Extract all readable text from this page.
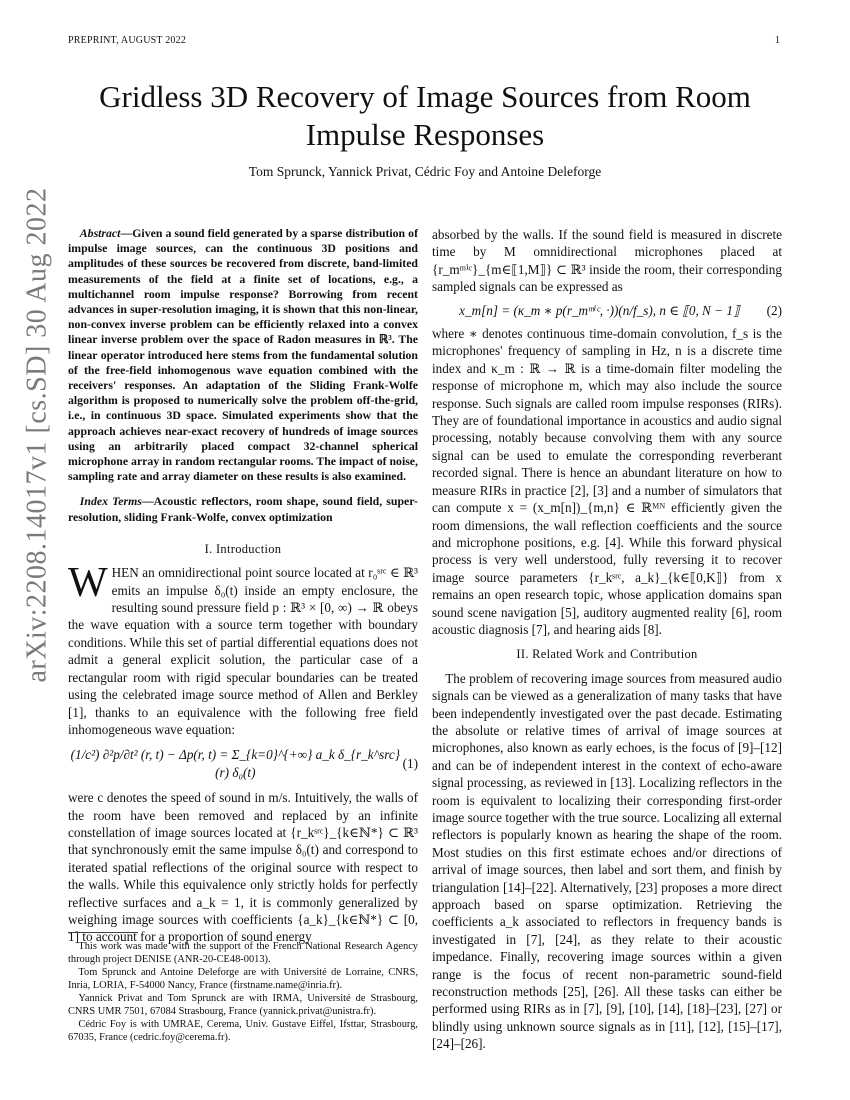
PREPRINT, AUGUST 2022	1
arXiv:2208.14017v1 [cs.SD] 30 Aug 2022
Gridless 3D Recovery of Image Sources from Room Impulse Responses
Tom Sprunck, Yannick Privat, Cédric Foy and Antoine Deleforge

Abstract—Given a sound field generated by a sparse distribution of impulse image sources, can the continuous 3D positions and amplitudes of these sources be recovered from discrete, band-limited measurements of the field at a finite set of locations, e.g., a multichannel room impulse response? Borrowing from recent advances in super-resolution imaging, it is shown that this non-linear, non-convex inverse problem can be efficiently relaxed into a convex linear inverse problem over the space of Radon measures in ℝ³. The linear operator introduced here stems from the fundamental solution of the free-field inhomogenous wave equation combined with the receivers' responses. An adaptation of the Sliding Frank-Wolfe algorithm is proposed to numerically solve the problem off-the-grid, i.e., in continuous 3D space. Simulated experiments show that the approach achieves near-exact recovery of hundreds of image sources using an arbitrarily placed compact 32-channel spherical microphone array in random rectangular rooms. The impact of noise, sampling rate and array diameter on these results is also examined.

Index Terms—Acoustic reflectors, room shape, sound field, super-resolution, sliding Frank-Wolfe, convex optimization

I. Introduction

WHEN an omnidirectional point source located at r₀ˢʳᶜ ∈ ℝ³ emits an impulse δ₀(t) inside an empty enclosure, the resulting sound pressure field p : ℝ³ × [0, ∞) → ℝ obeys the wave equation with a source term together with boundary conditions. While this set of partial differential equations does not admit a general explicit solution, the particular case of a rectangular room with rigid specular boundaries can be treated using the celebrated image source method of Allen and Berkley [1], thanks to an equivalence with the following free field inhomogeneous wave equation:

(1/c²) ∂²p/∂t² (r, t) − Δp(r, t) = Σ_{k=0}^{+∞} a_k δ_{r_k^src}(r) δ₀(t)
(1)

were c denotes the speed of sound in m/s. Intuitively, the walls of the room have been removed and replaced by an infinite constellation of image sources located at {r_kˢʳᶜ}_{k∈ℕ*} ⊂ ℝ³ that synchronously emit the same impulse δ₀(t) and correspond to iterated spatial reflections of the original source with respect to the walls. While this equivalence only strictly holds for perfectly reflective surfaces and a_k = 1, it is commonly generalized by weighing image sources with coefficients {a_k}_{k∈ℕ*} ⊂ [0, 1] to account for a proportion of sound energy

absorbed by the walls. If the sound field is measured in discrete time by M omnidirectional microphones placed at {r_mᵐⁱᶜ}_{m∈⟦1,M⟧} ⊂ ℝ³ inside the room, their corresponding sampled signals can be expressed as

x_m[n] = (κ_m ∗ p(r_mᵐⁱᶜ, ·))(n/f_s), n ∈ ⟦0, N − 1⟧	(2)

where ∗ denotes continuous time-domain convolution, f_s is the microphones' frequency of sampling in Hz, n is a discrete time index and κ_m : ℝ → ℝ is a time-domain filter modeling the response of microphone m, which may also include the source response. Such signals are called room impulse responses (RIRs). They are of foundational importance in acoustics and audio signal processing, notably because convolving them with any source signal can be used to emulate the corresponding reverberant recorded signal. There is hence an abundant literature on how to measure RIRs in practice [2], [3] and a number of simulators that can compute x = (x_m[n])_{m,n} ∈ ℝᴹᴺ efficiently given the room dimensions, the wall reflection coefficients and the source and microphone positions, e.g. [4]. While this forward physical process is very well understood, fully reversing it to recover image source parameters {r_kˢʳᶜ, a_k}_{k∈⟦0,K⟧} from x remains an open research topic, whose application domains span sound scene navigation [5], auditory augmented reality [6], room acoustic diagnosis [7], and hearing aids [8].

II. Related Work and Contribution

The problem of recovering image sources from measured audio signals can be viewed as a generalization of many tasks that have been independently investigated over the past decade. Estimating the absolute or relative times of arrival of image sources at microphones, also known as early echoes, is the focus of [9]–[12] and can be of independent interest in the context of echo-aware signal processing, as reviewed in [13]. Localizing reflectors in the room is equivalent to localizing their corresponding first-order image source together with the true source. Localizing all external reflectors is popularly known as hearing the shape of the room. Most studies on this first estimate echoes and/or directions of arrival of image sources, then label and sort them, and finish by triangulation [14]–[22]. Alternatively, [23] proposes a more direct approach based on sparse optimization. Retrieving the coefficients a_k associated to reflectors in frequency bands is investigated in [7], [24], as they relate to their acoustic impedance. Finally, recovering image sources within a given range is the focus of recent non-parametric sound-field reconstruction methods [25], [26]. All these tasks can either be performed using RIRs as in [7], [9], [10], [14], [18]–[23], [27] or blindly using unknown source signals as in [11], [12], [15]–[17], [24]–[26].

This work was made with the support of the French National Research Agency through project DENISE (ANR-20-CE48-0013).

Tom Sprunck and Antoine Deleforge are with Université de Lorraine, CNRS, Inria, LORIA, F-54000 Nancy, France (firstname.name@inria.fr).

Yannick Privat and Tom Sprunck are with IRMA, Université de Strasbourg, CNRS UMR 7501, 67084 Strasbourg, France (yannick.privat@unistra.fr).

Cédric Foy is with UMRAE, Cerema, Univ. Gustave Eiffel, Ifsttar, Strasbourg, 67035, France (cedric.foy@cerema.fr).
